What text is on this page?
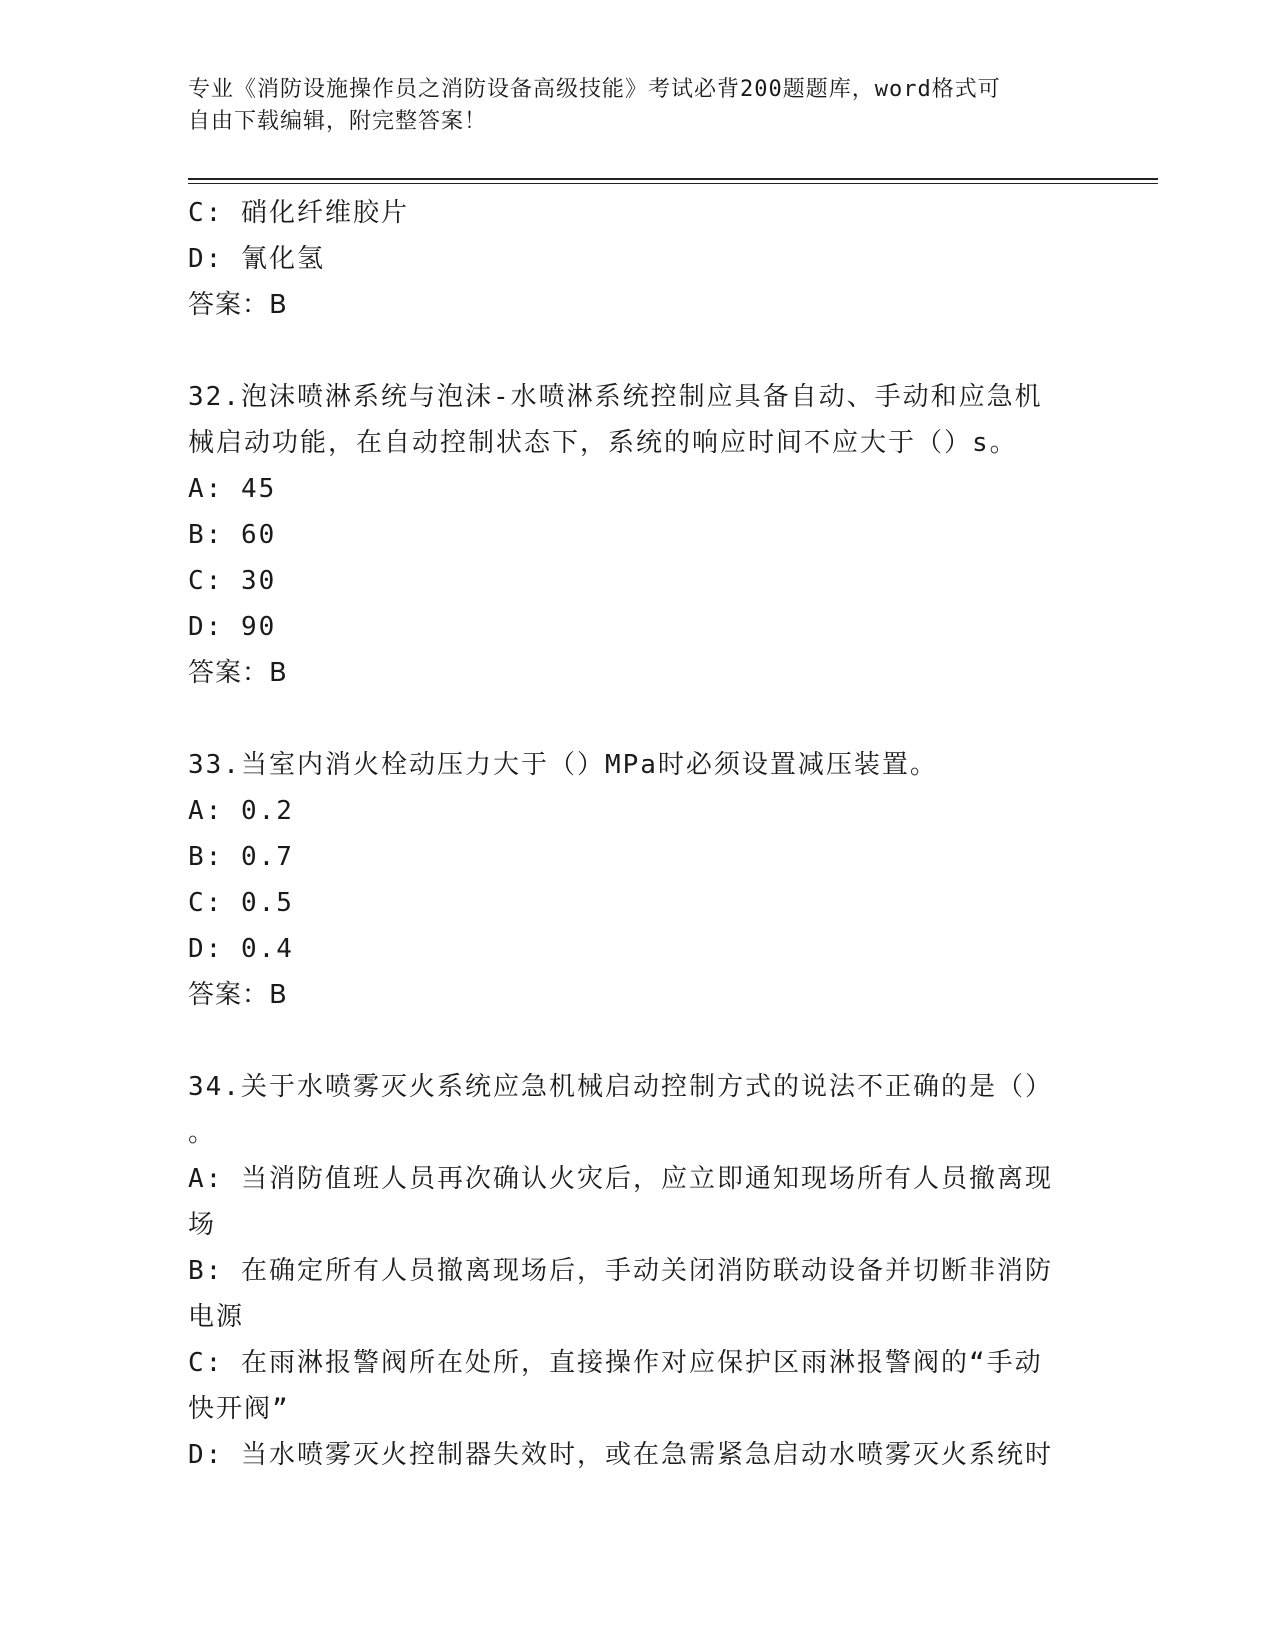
专业《消防设施操作员之消防设备高级技能》考试必背200题题库，word格式可
自由下载编辑，附完整答案！
C: 硝化纤维胶片
D: 氰化氢
答案：B
32.泡沫喷淋系统与泡沫-水喷淋系统控制应具备自动、手动和应急机
械启动功能，在自动控制状态下，系统的响应时间不应大于（）s。
A: 45
B: 60
C: 30
D: 90
答案：B
33.当室内消火栓动压力大于（）MPa时必须设置减压装置。
A: 0.2
B: 0.7
C: 0.5
D: 0.4
答案：B
34.关于水喷雾灭火系统应急机械启动控制方式的说法不正确的是（）
。
A: 当消防值班人员再次确认火灾后，应立即通知现场所有人员撤离现
场
B: 在确定所有人员撤离现场后，手动关闭消防联动设备并切断非消防
电源
C: 在雨淋报警阀所在处所，直接操作对应保护区雨淋报警阀的“手动
快开阀”
D: 当水喷雾灭火控制器失效时，或在急需紧急启动水喷雾灭火系统时
